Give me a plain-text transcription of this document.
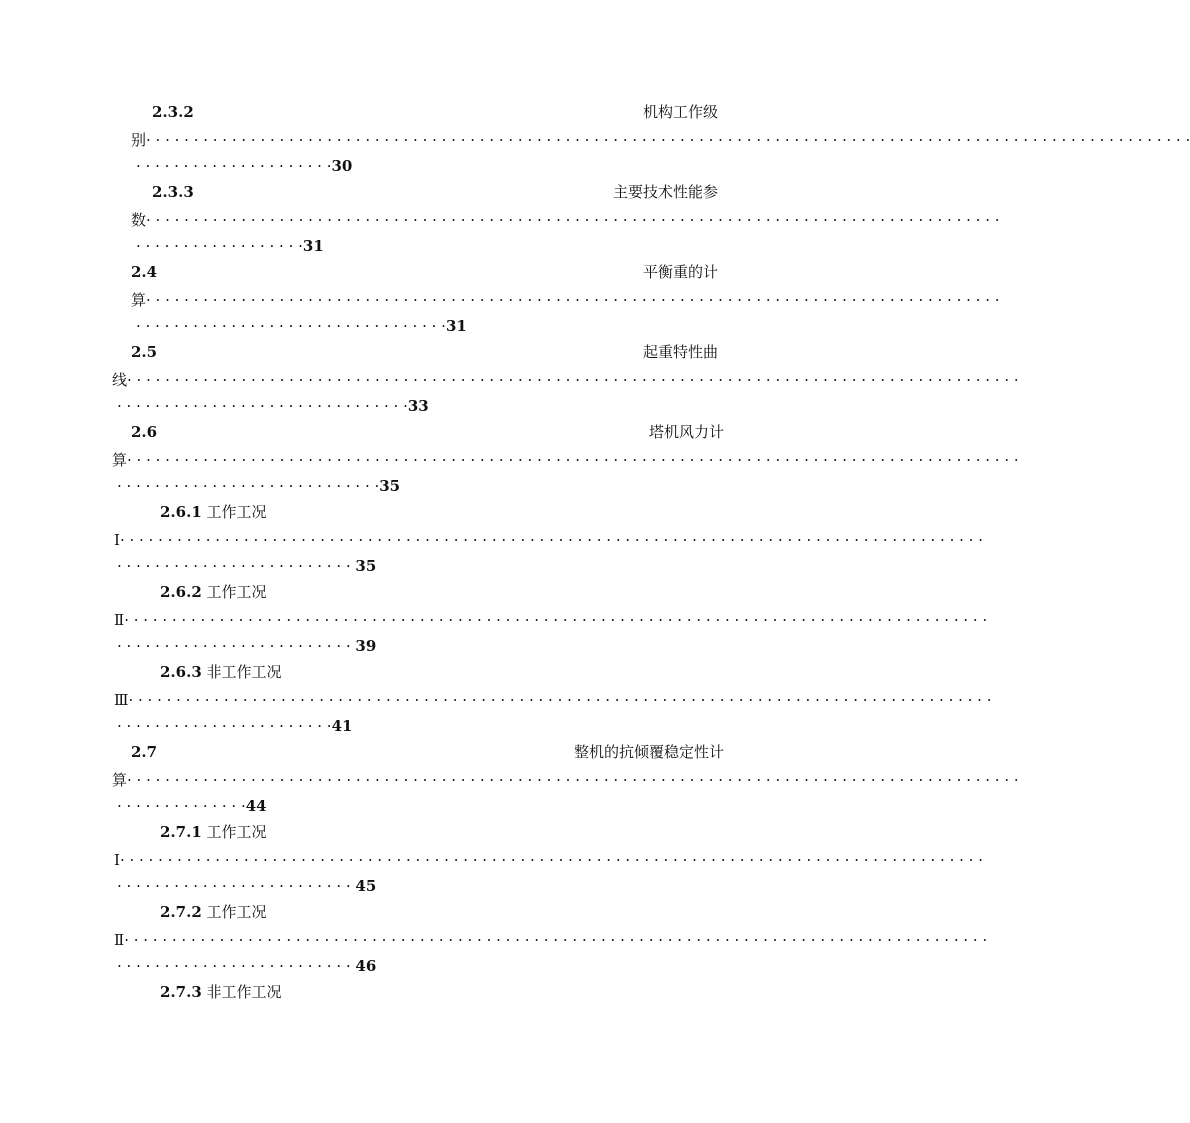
2.3.2	机构工作级
别· · · · · · · · · · · · · · · · · · · · · · · · · · · · · · · · · · · · · · · · · · · · · · · · · · · · · · · · · · · · · · · · · · · · · · · · · · · · · · · · · · · · · · · · · · · · · · · · · · · · · · · · · · · · · ·
· · · · · · · · · · · · · · · · · · · · ·30
2.3.3	主要技术性能参
数· · · · · · · · · · · · · · · · · · · · · · · · · · · · · · · · · · · · · · · · · · · · · · · · · · · · · · · · · · · · · · · · · · · · · · · · · · · · · · · · · · · · · · · · · ·
· · · · · · · · · · · · · · · · · ·31
2.4	平衡重的计
算· · · · · · · · · · · · · · · · · · · · · · · · · · · · · · · · · · · · · · · · · · · · · · · · · · · · · · · · · · · · · · · · · · · · · · · · · · · · · · · · · · · · · · · · · ·
· · · · · · · · · · · · · · · · · · · · · · · · · · · · · · · · ·31
2.5	起重特性曲
线· · · · · · · · · · · · · · · · · · · · · · · · · · · · · · · · · · · · · · · · · · · · · · · · · · · · · · · · · · · · · · · · · · · · · · · · · · · · · · · · · · · · · · · · · · · · · ·
· · · · · · · · · · · · · · · · · · · · · · · · · · · · · · ·33
2.6	塔机风力计
算· · · · · · · · · · · · · · · · · · · · · · · · · · · · · · · · · · · · · · · · · · · · · · · · · · · · · · · · · · · · · · · · · · · · · · · · · · · · · · · · · · · · · · · · · · · · · ·
· · · · · · · · · · · · · · · · · · · · · · · · · · · ·35
2.6.1 工作工况
Ⅰ· · · · · · · · · · · · · · · · · · · · · · · · · · · · · · · · · · · · · · · · · · · · · · · · · · · · · · · · · · · · · · · · · · · · · · · · · · · · · · · · · · · · · · · · · · ·
· · · · · · · · · · · · · · · · · · · · · · · · · 35
2.6.2 工作工况
Ⅱ· · · · · · · · · · · · · · · · · · · · · · · · · · · · · · · · · · · · · · · · · · · · · · · · · · · · · · · · · · · · · · · · · · · · · · · · · · · · · · · · · · · · · · · · · · ·
· · · · · · · · · · · · · · · · · · · · · · · · · 39
2.6.3 非工作工况
Ⅲ· · · · · · · · · · · · · · · · · · · · · · · · · · · · · · · · · · · · · · · · · · · · · · · · · · · · · · · · · · · · · · · · · · · · · · · · · · · · · · · · · · · · · · · · · · ·
· · · · · · · · · · · · · · · · · · · · · · ·41
2.7	整机的抗倾覆稳定性计
算· · · · · · · · · · · · · · · · · · · · · · · · · · · · · · · · · · · · · · · · · · · · · · · · · · · · · · · · · · · · · · · · · · · · · · · · · · · · · · · · · · · · · · · · · · · · · ·
· · · · · · · · · · · · · ·44
2.7.1 工作工况
Ⅰ· · · · · · · · · · · · · · · · · · · · · · · · · · · · · · · · · · · · · · · · · · · · · · · · · · · · · · · · · · · · · · · · · · · · · · · · · · · · · · · · · · · · · · · · · · ·
· · · · · · · · · · · · · · · · · · · · · · · · · 45
2.7.2 工作工况
Ⅱ· · · · · · · · · · · · · · · · · · · · · · · · · · · · · · · · · · · · · · · · · · · · · · · · · · · · · · · · · · · · · · · · · · · · · · · · · · · · · · · · · · · · · · · · · · ·
· · · · · · · · · · · · · · · · · · · · · · · · · 46
2.7.3 非工作工况
